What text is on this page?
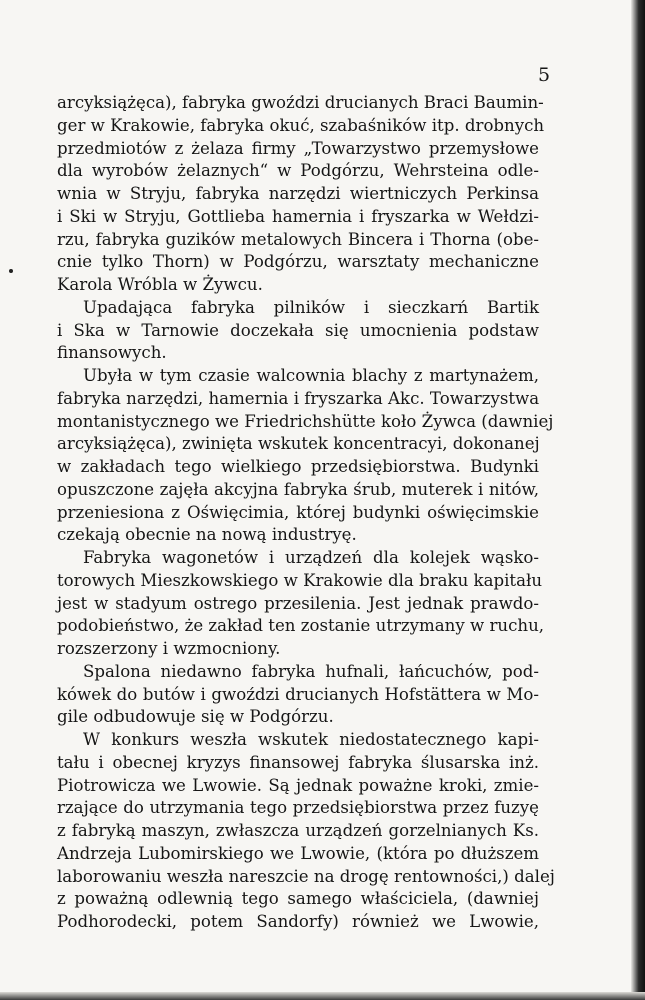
5
arcyksiążęca), fabryka gwoździ drucianych Braci Baumin-
ger w Krakowie, fabryka okuć, szabaśników itp. drobnych
przedmiotów z żelaza firmy „Towarzystwo przemysłowe
dla wyrobów żelaznych“ w Podgórzu, Wehrsteina odle-
wnia w Stryju, fabryka narzędzi wiertniczych Perkinsa
i Ski w Stryju, Gottlieba hamernia i fryszarka w Wełdzi-
rzu, fabryka guzików metalowych Bincera i Thorna (obe-
cnie tylko Thorn) w Podgórzu, warsztaty mechaniczne
Karola Wróbla w Żywcu.
Upadająca fabryka pilników i sieczkarń Bartik
i Ska w Tarnowie doczekała się umocnienia podstaw
finansowych.
Ubyła w tym czasie walcownia blachy z martynażem,
fabryka narzędzi, hamernia i fryszarka Akc. Towarzystwa
montanistycznego we Friedrichshütte koło Żywca (dawniej
arcyksiążęca), zwinięta wskutek koncentracyi, dokonanej
w zakładach tego wielkiego przedsiębiorstwa. Budynki
opuszczone zajęła akcyjna fabryka śrub, muterek i nitów,
przeniesiona z Oświęcimia, której budynki oświęcimskie
czekają obecnie na nową industryę.
Fabryka wagonetów i urządzeń dla kolejek wąsko-
torowych Mieszkowskiego w Krakowie dla braku kapitału
jest w stadyum ostrego przesilenia. Jest jednak prawdo-
podobieństwo, że zakład ten zostanie utrzymany w ruchu,
rozszerzony i wzmocniony.
Spalona niedawno fabryka hufnali, łańcuchów, pod-
kówek do butów i gwoździ drucianych Hofstättera w Mo-
gile odbudowuje się w Podgórzu.
W konkurs weszła wskutek niedostatecznego kapi-
tału i obecnej kryzys finansowej fabryka ślusarska inż.
Piotrowicza we Lwowie. Są jednak poważne kroki, zmie-
rzające do utrzymania tego przedsiębiorstwa przez fuzyę
z fabryką maszyn, zwłaszcza urządzeń gorzelnianych Ks.
Andrzeja Lubomirskiego we Lwowie, (która po dłuższem
laborowaniu weszła nareszcie na drogę rentowności,) dalej
z poważną odlewnią tego samego właściciela, (dawniej
Podhorodecki, potem Sandorfy) również we Lwowie,
